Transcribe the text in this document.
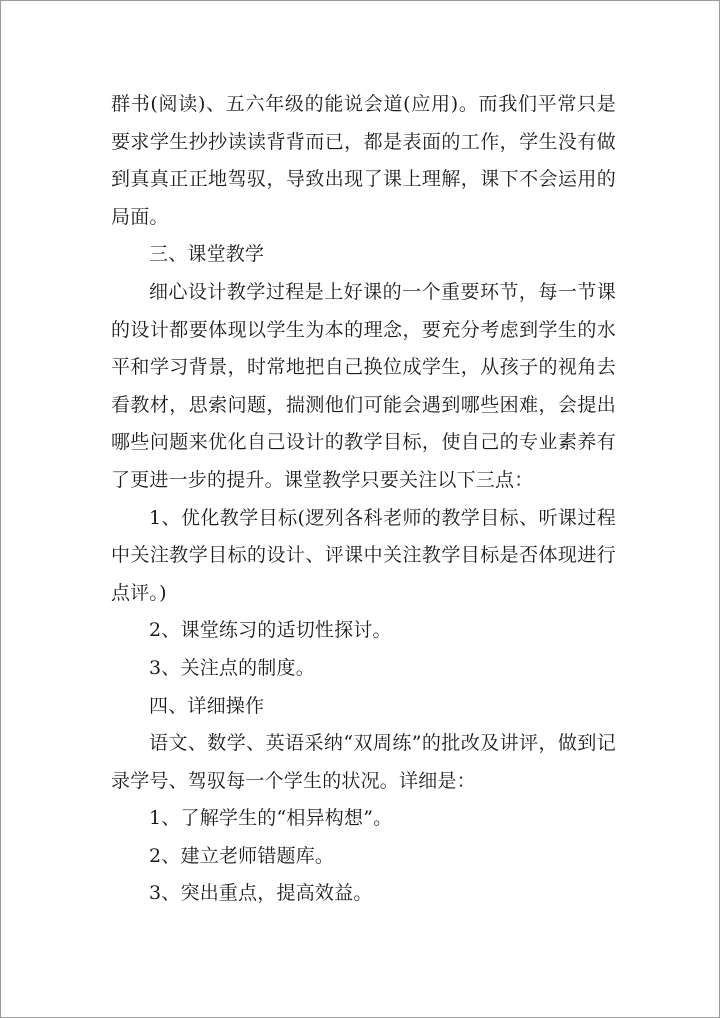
群书(阅读)、五六年级的能说会道(应用)。而我们平常只是要求学生抄抄读读背背而已，都是表面的工作，学生没有做到真真正正地驾驭，导致出现了课上理解，课下不会运用的局面。

三、课堂教学

细心设计教学过程是上好课的一个重要环节，每一节课的设计都要体现以学生为本的理念，要充分考虑到学生的水平和学习背景，时常地把自己换位成学生，从孩子的视角去看教材，思索问题，揣测他们可能会遇到哪些困难，会提出哪些问题来优化自己设计的教学目标，使自己的专业素养有了更进一步的提升。课堂教学只要关注以下三点：

1、优化教学目标(逻列各科老师的教学目标、听课过程中关注教学目标的设计、评课中关注教学目标是否体现进行点评。)

2、课堂练习的适切性探讨。

3、关注点的制度。

四、详细操作

语文、数学、英语采纳“双周练”的批改及讲评，做到记录学号、驾驭每一个学生的状况。详细是：

1、了解学生的“相异构想”。

2、建立老师错题库。

3、突出重点，提高效益。
